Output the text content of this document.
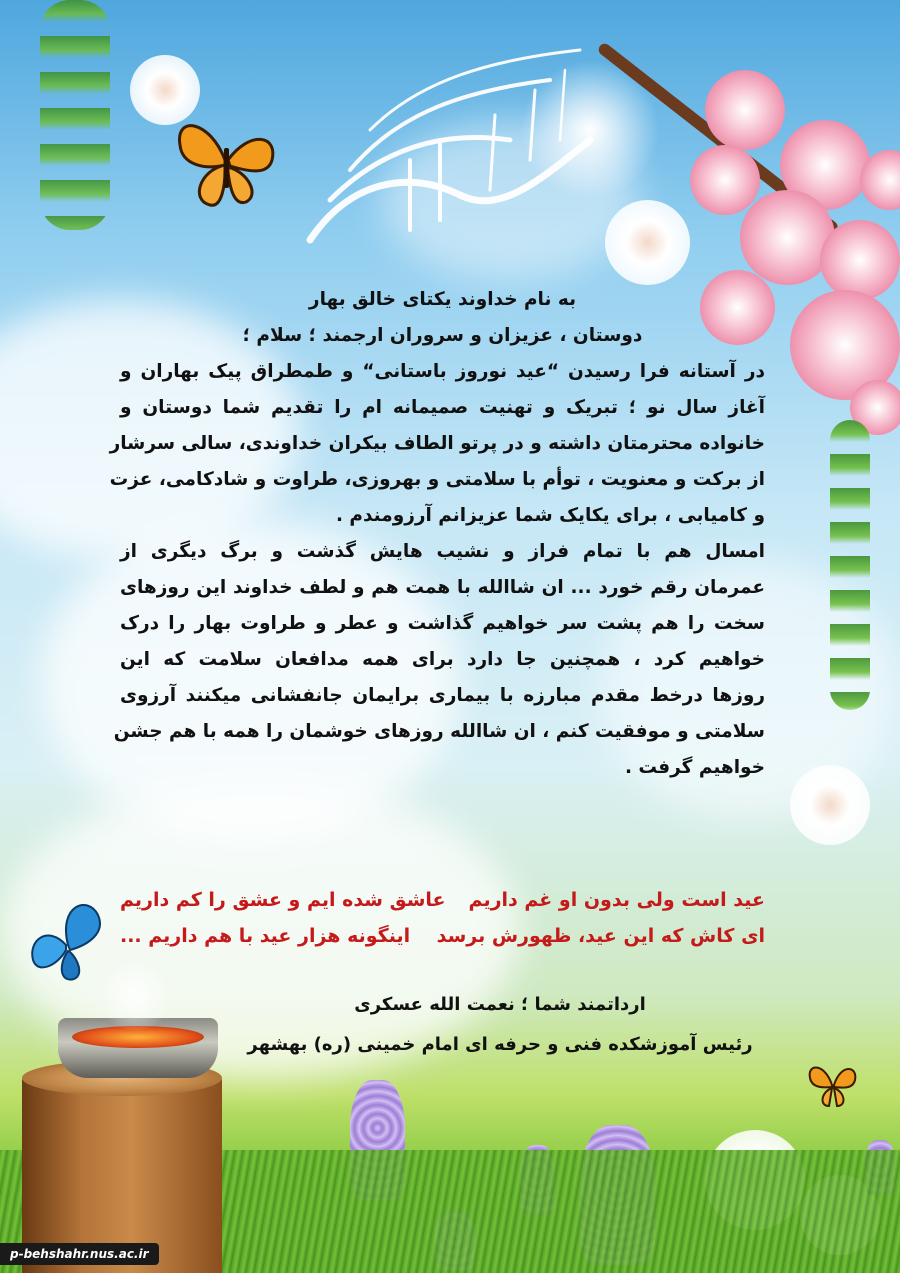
به نام خداوند یکتای خالق بهار
دوستان ، عزیزان و سروران ارجمند ؛ سلام ؛
در آستانه فرا رسیدن “عید نوروز باستانی“ و طمطراق پیک بهاران و
آغاز سال نو ؛ تبریک و تهنیت صمیمانه ام را تقدیم شما دوستان و
خانواده محترمتان داشته و در پرتو الطاف بیکران خداوندی، سالی سرشار
از برکت و معنویت ، توأم با سلامتی و بهروزی، طراوت و شادکامی، عزت
و کامیابی ، برای یکایک شما عزیزانم آرزومندم .
امسال هم با تمام فراز و نشیب هایش گذشت و برگ دیگری از
عمرمان رقم خورد ... ان شاالله با همت هم و لطف خداوند این روزهای
سخت را هم پشت سر خواهیم گذاشت و عطر و طراوت بهار را درک
خواهیم کرد ، همچنین جا دارد برای همه مدافعان سلامت که این
روزها درخط مقدم مبارزه با بیماری برایمان جانفشانی میکنند آرزوی
سلامتی و موفقیت کنم ، ان شاالله روزهای خوشمان را همه با هم جشن
خواهیم گرفت .
عید است ولی بدون او غم داریم
عاشق شده ایم و عشق را کم داریم
ای کاش که این عید، ظهورش برسد
اینگونه هزار عید با هم داریم ...
ارداتمند شما ؛ نعمت الله عسکری
رئیس آموزشکده فنی و حرفه ای امام خمینی (ره) بهشهر
p-behshahr.nus.ac.ir
